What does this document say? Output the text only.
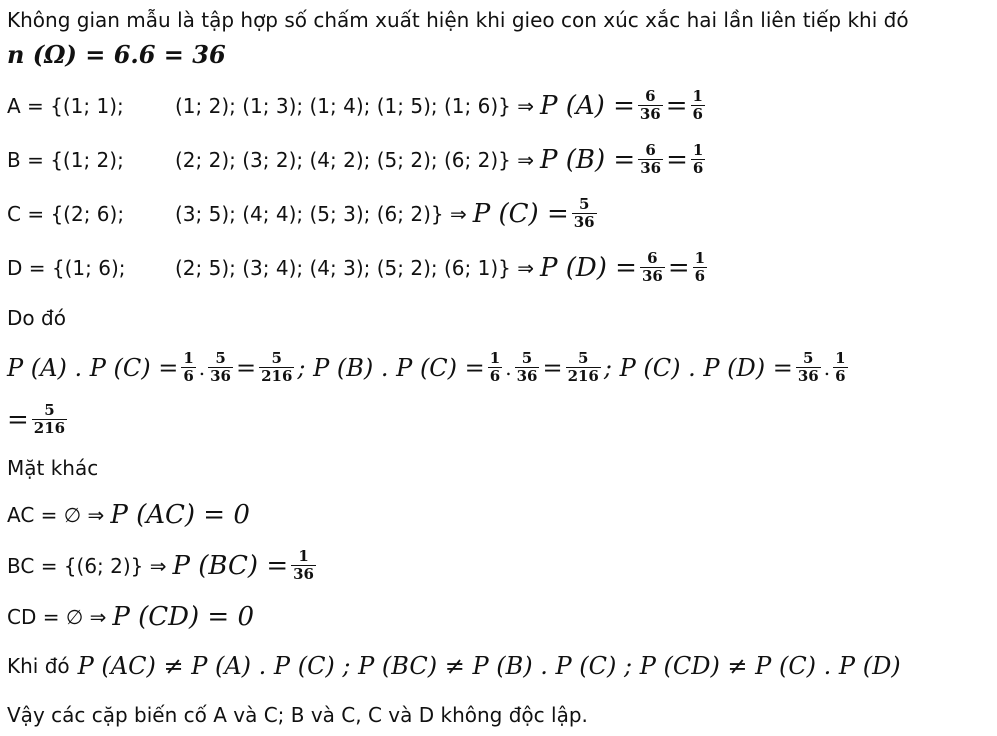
Không gian mẫu là tập hợp số chấm xuất hiện khi gieo con xúc xắc hai lần liên tiếp khi đó
n (Ω) = 6.6 = 36
A = {(1; 1);	(1; 2); (1; 3); (1; 4); (1; 5); (1; 6)} ⇒ P $(A) = \frac{6}{36} = \frac{1}{6}$
B = {(1; 2);	(2; 2); (3; 2); (4; 2); (5; 2); (6; 2)} ⇒ P $(B) = \frac{6}{36} = \frac{1}{6}$
C = {(2; 6);	(3; 5); (4; 4); (5; 3); (6; 2)} ⇒ P $(C) = \frac{5}{36}$
D = {(1; 6);	(2; 5); (3; 4); (4; 3); (5; 2); (6; 1)} ⇒ P $(D) = \frac{6}{36} = \frac{1}{6}$
Do đó
P (A) . P $(C) = \frac{1}{6}$ . $\frac{5}{36} = \frac{5}{216}$ ; P (B) . P $(C) = \frac{1}{6}$ . $\frac{5}{36} = \frac{5}{216}$ ; P (C) . P $(D) = \frac{5}{36}$ . $\frac{1}{6}$
= $\frac{5}{216}$
Mặt khác
AC = ∅ ⇒ P (AC) = 0
BC = {(6; 2)} ⇒ P $(BC) = \frac{1}{36}$
CD = ∅ ⇒ P (CD) = 0
Khi đó P (AC) ≠ P (A) . P (C) ; P (BC) ≠ P (B) . P (C) ; P (CD) ≠ P (C) . P (D)
Vậy các cặp biến cố A và C; B và C, C và D không độc lập.
